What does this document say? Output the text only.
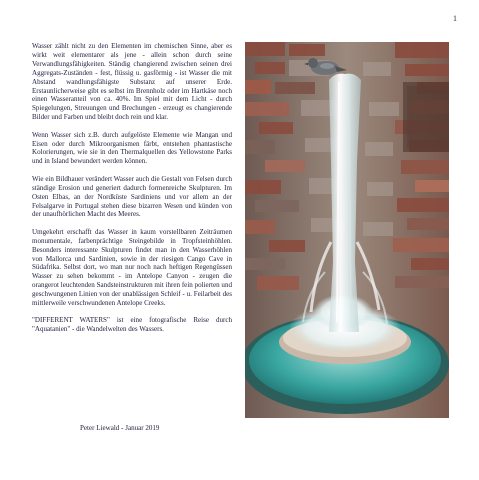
1

Wasser zählt nicht zu den Elementen im chemischen Sinne, aber es wirkt weit elementarer als jene - allein schon durch seine Verwandlungsfähigkeiten. Ständig changierend zwischen seinen drei Aggregats-Zuständen - fest, flüssig u. gasförmig - ist Wasser die mit Abstand wandlungsfähigste Substanz auf unserer Erde. Erstaunlicherweise gibt es selbst im Brennholz oder im Hartkäse noch einen Wasseranteil von ca. 40%. Im Spiel mit dem Licht - durch Spiegelungen, Streuungen und Brechungen - erzeugt es changierende Bilder und Farben und bleibt doch rein und klar.

Wenn Wasser sich z.B. durch aufgelöste Elemente wie Mangan und Eisen oder durch Mikroorganismen färbt, entstehen phantastische Kolorierungen, wie sie in den Thermalquellen des Yellowstone Parks und in Island bewundert werden können.

Wie ein Bildhauer verändert Wasser auch die Gestalt von Felsen durch ständige Erosion und generiert dadurch formenreiche Skulpturen. Im Osten Elbas, an der Nordküste Sardiniens und vor allem an der Felsalgarve in Portugal stehen diese bizarren Wesen und künden von der unaufhörlichen Macht des Meeres.

Umgekehrt erschafft das Wasser in kaum vorstellbaren Zeiträumen monumentale, farbenprächtige Steingebilde in Tropfsteinhöhlen. Besonders interessante Skulpturen findet man in den Wasserhöhlen von Mallorca und Sardinien, sowie in der riesigen Cango Cave in Südafrika. Selbst dort, wo man nur noch nach heftigen Regengüssen Wasser zu sehen bekommt - im Antelope Canyon - zeugen die orangerot leuchtenden Sandsteinstrukturen mit ihren fein polierten und geschwungenen Linien von der unablässigen Schleif - u. Feilarbeit des mittlerweile verschwundenen Antelope Creeks.

"DIFFERENT WATERS" ist eine fotografische Reise durch "Aquatanien" - die Wandelwelten des Wassers.

Peter Liewald - Januar 2019
